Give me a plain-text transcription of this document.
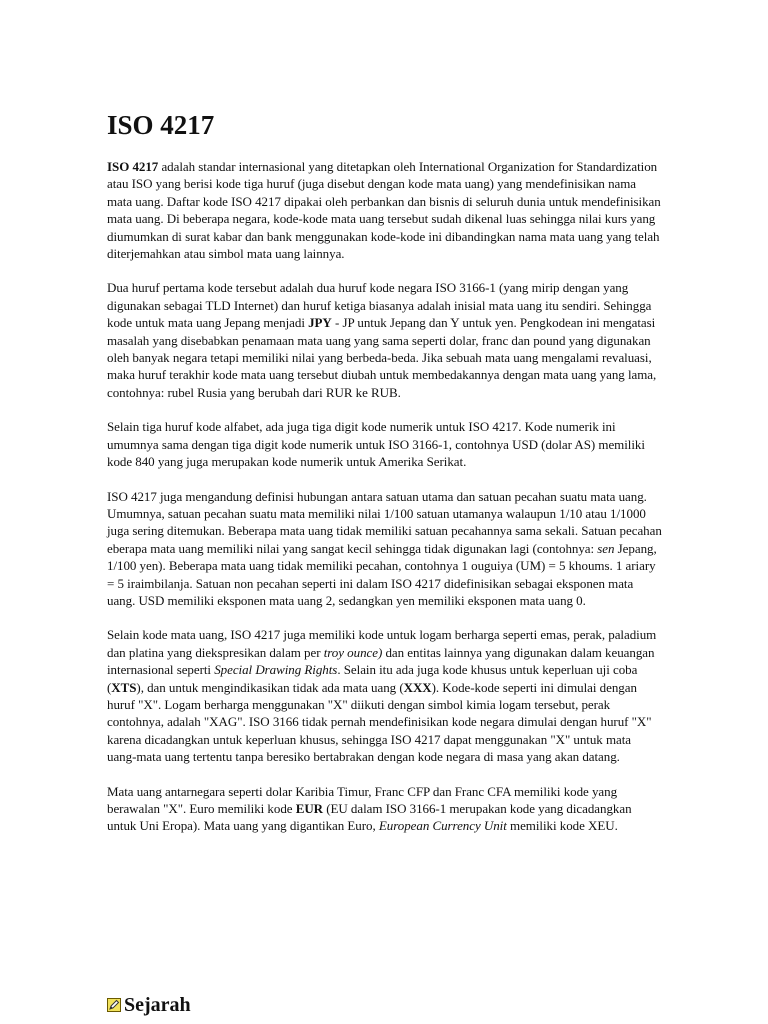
ISO 4217

ISO 4217 adalah standar internasional yang ditetapkan oleh International Organization for Standardization atau ISO yang berisi kode tiga huruf (juga disebut dengan kode mata uang) yang mendefinisikan nama mata uang. Daftar kode ISO 4217 dipakai oleh perbankan dan bisnis di seluruh dunia untuk mendefinisikan mata uang. Di beberapa negara, kode-kode mata uang tersebut sudah dikenal luas sehingga nilai kurs yang diumumkan di surat kabar dan bank menggunakan kode-kode ini dibandingkan nama mata uang yang telah diterjemahkan atau simbol mata uang lainnya.

Dua huruf pertama kode tersebut adalah dua huruf kode negara ISO 3166-1 (yang mirip dengan yang digunakan sebagai TLD Internet) dan huruf ketiga biasanya adalah inisial mata uang itu sendiri. Sehingga kode untuk mata uang Jepang menjadi JPY - JP untuk Jepang dan Y untuk yen. Pengkodean ini mengatasi masalah yang disebabkan penamaan mata uang yang sama seperti dolar, franc dan pound yang digunakan oleh banyak negara tetapi memiliki nilai yang berbeda-beda. Jika sebuah mata uang mengalami revaluasi, maka huruf terakhir kode mata uang tersebut diubah untuk membedakannya dengan mata uang yang lama, contohnya: rubel Rusia yang berubah dari RUR ke RUB.

Selain tiga huruf kode alfabet, ada juga tiga digit kode numerik untuk ISO 4217. Kode numerik ini umumnya sama dengan tiga digit kode numerik untuk ISO 3166-1, contohnya USD (dolar AS) memiliki kode 840 yang juga merupakan kode numerik untuk Amerika Serikat.

ISO 4217 juga mengandung definisi hubungan antara satuan utama dan satuan pecahan suatu mata uang. Umumnya, satuan pecahan suatu mata memiliki nilai 1/100 satuan utamanya walaupun 1/10 atau 1/1000 juga sering ditemukan. Beberapa mata uang tidak memiliki satuan pecahannya sama sekali. Satuan pecahan eberapa mata uang memiliki nilai yang sangat kecil sehingga tidak digunakan lagi (contohnya: sen Jepang, 1/100 yen). Beberapa mata uang tidak memiliki pecahan, contohnya 1 ouguiya (UM) = 5 khoums. 1 ariary = 5 iraimbilanja. Satuan non pecahan seperti ini dalam ISO 4217 didefinisikan sebagai eksponen mata uang. USD memiliki eksponen mata uang 2, sedangkan yen memiliki eksponen mata uang 0.

Selain kode mata uang, ISO 4217 juga memiliki kode untuk logam berharga seperti emas, perak, paladium dan platina yang diekspresikan dalam per troy ounce) dan entitas lainnya yang digunakan dalam keuangan internasional seperti Special Drawing Rights. Selain itu ada juga kode khusus untuk keperluan uji coba (XTS), dan untuk mengindikasikan tidak ada mata uang (XXX). Kode-kode seperti ini dimulai dengan huruf "X". Logam berharga menggunakan "X" diikuti dengan simbol kimia logam tersebut, perak contohnya, adalah "XAG". ISO 3166 tidak pernah mendefinisikan kode negara dimulai dengan huruf "X" karena dicadangkan untuk keperluan khusus, sehingga ISO 4217 dapat menggunakan "X" untuk mata uang-mata uang tertentu tanpa beresiko bertabrakan dengan kode negara di masa yang akan datang.

Mata uang antarnegara seperti dolar Karibia Timur, Franc CFP dan Franc CFA memiliki kode yang berawalan "X". Euro memiliki kode EUR (EU dalam ISO 3166-1 merupakan kode yang dicadangkan untuk Uni Eropa). Mata uang yang digantikan Euro, European Currency Unit memiliki kode XEU.

Sejarah
